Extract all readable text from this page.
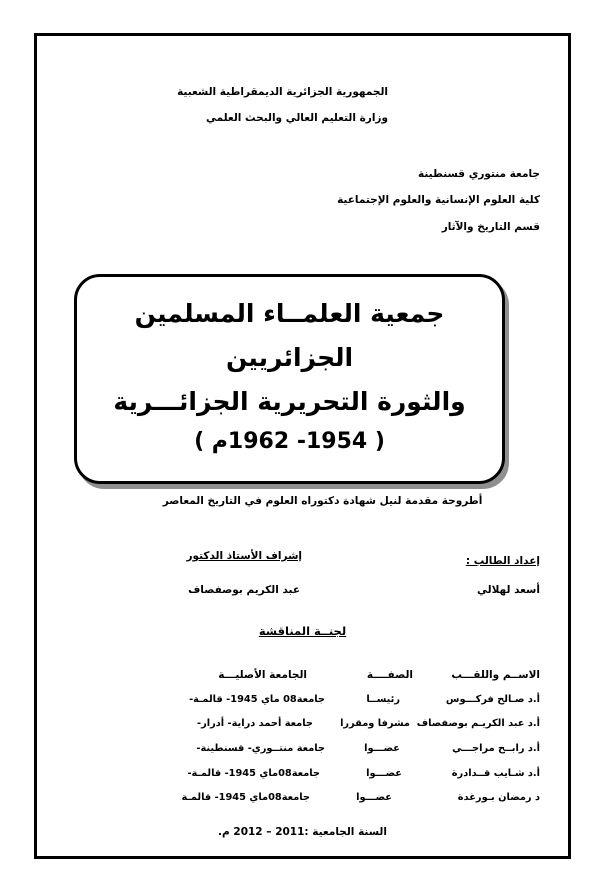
الجمهورية الجزائرية الديمقراطية الشعبية
وزارة التعليم العالي والبحث العلمي
جامعة منتوري قسنطينة
كلية العلوم الإنسانية والعلوم الإجتماعية
قسم التاريخ والآثار
جمعية العلمــاء المسلمين
الجزائريين
والثورة التحريرية الجزائـــرية
( 1954- 1962م )
أطروحة مقدمة لنيل شهادة دكتوراه العلوم في التاريخ المعاصر
إعداد الطالب :
أسعد لهلالي
إشراف الأستاذ الدكتور
عبد الكريم بوصفصاف
لجنــة المناقشة
الاســم واللقـــب
الصفــــة
الجامعة الأصليـــة
أ.د صـالح فركـــوس
رئيســا
جامعة08 ماي 1945- قالمـة-
أ.د عبد الكريـم بوصفصاف
مشرفا ومقررا
جامعة أحمد دراية- أدرار-
أ.د رابــح مراجـــي
عضـــوا
جامعة منتــوري- قسنطينة-
أ.د شـايب قــدادرة
عضـــوا
جامعة08ماي 1945- قالمـة-
د رمضان بـورغدة
عضـــوا
جامعة08ماي 1945- قالمـة
السنة الجامعية :2011 – 2012 م.
